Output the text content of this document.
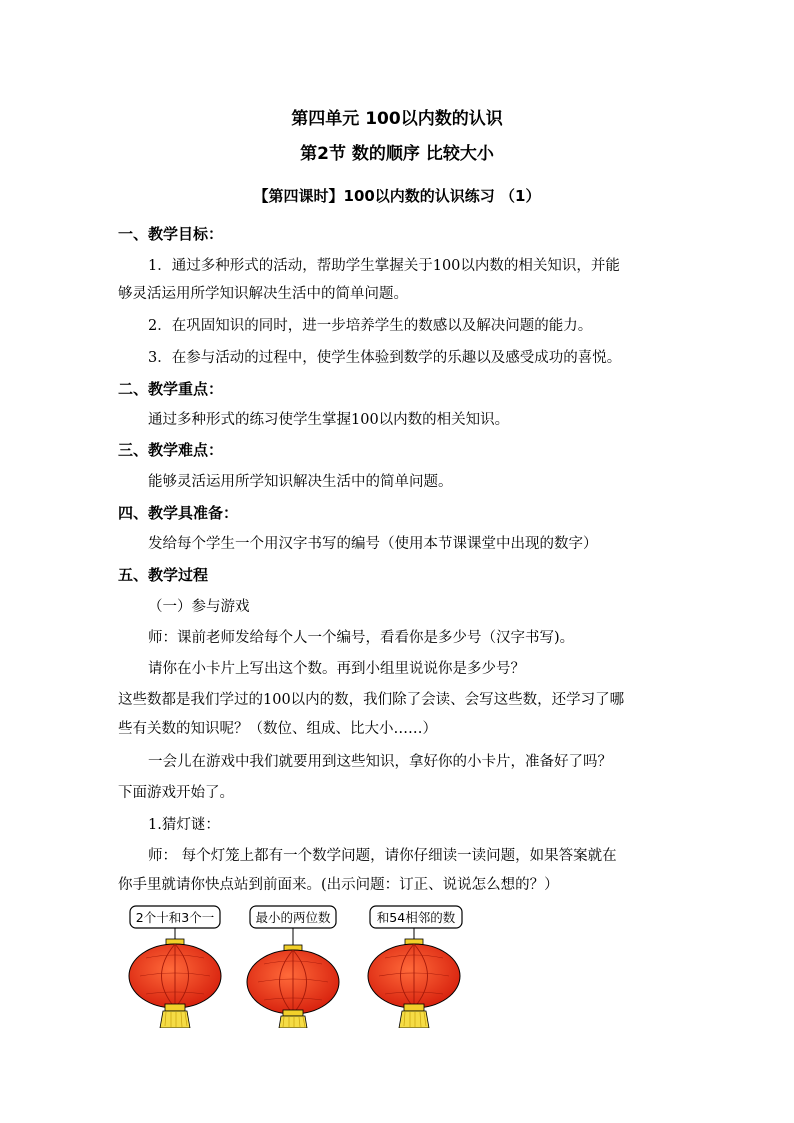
第四单元 100以内数的认识
第2节 数的顺序 比较大小
【第四课时】100以内数的认识练习 （1）
一、教学目标：
1．通过多种形式的活动，帮助学生掌握关于100以内数的相关知识，并能
够灵活运用所学知识解决生活中的简单问题。
2．在巩固知识的同时，进一步培养学生的数感以及解决问题的能力。
3．在参与活动的过程中，使学生体验到数学的乐趣以及感受成功的喜悦。
二、教学重点：
通过多种形式的练习使学生掌握100以内数的相关知识。
三、教学难点：
能够灵活运用所学知识解决生活中的简单问题。
四、教学具准备：
发给每个学生一个用汉字书写的编号（使用本节课课堂中出现的数字）
五、教学过程
（一）参与游戏
师：课前老师发给每个人一个编号，看看你是多少号（汉字书写)。
请你在小卡片上写出这个数。再到小组里说说你是多少号？
这些数都是我们学过的100以内的数，我们除了会读、会写这些数，还学习了哪
些有关数的知识呢？（数位、组成、比大小……）
一会儿在游戏中我们就要用到这些知识，拿好你的小卡片，准备好了吗？
下面游戏开始了。
1.猜灯谜：
师： 每个灯笼上都有一个数学问题，请你仔细读一读问题，如果答案就在
你手里就请你快点站到前面来。(出示问题：订正、说说怎么想的？）
2个十和3个一	最小的两位数	和54相邻的数
